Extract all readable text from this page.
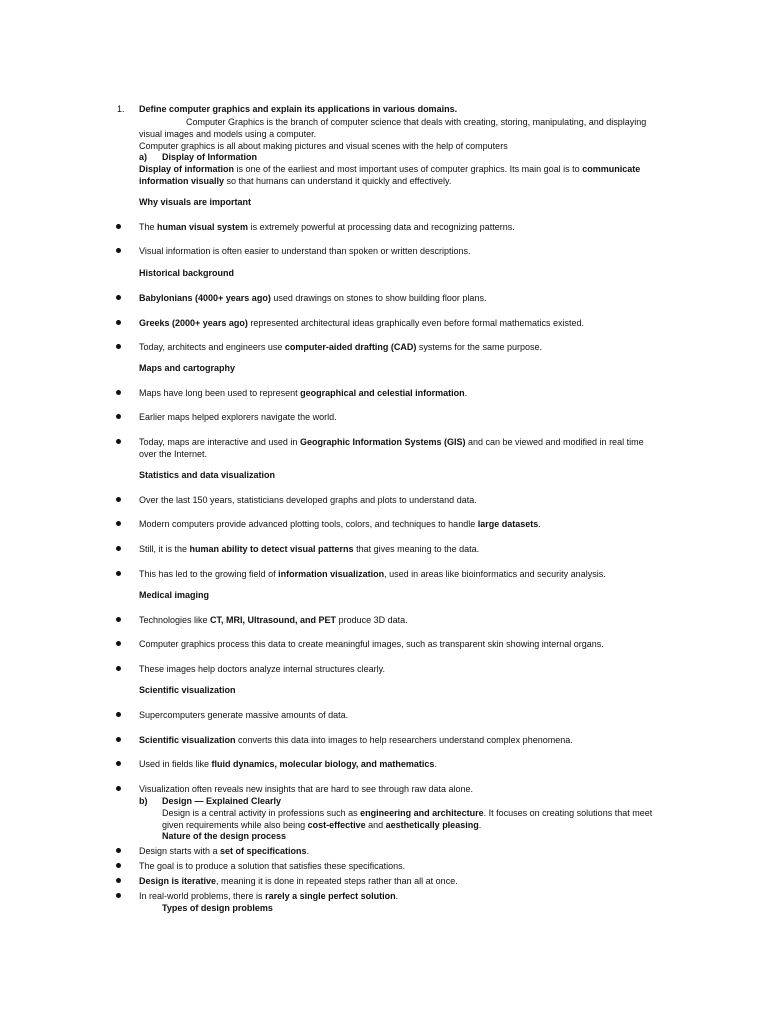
1. Define computer graphics and explain its applications in various domains.
Computer Graphics is the branch of computer science that deals with creating, storing, manipulating, and displaying
visual images and models using a computer.
Computer graphics is all about making pictures and visual scenes with the help of computers
a) Display of Information
Display of information is one of the earliest and most important uses of computer graphics. Its main goal is to communicate
information visually so that humans can understand it quickly and effectively.
Why visuals are important
The human visual system is extremely powerful at processing data and recognizing patterns.
Visual information is often easier to understand than spoken or written descriptions.
Historical background
Babylonians (4000+ years ago) used drawings on stones to show building floor plans.
Greeks (2000+ years ago) represented architectural ideas graphically even before formal mathematics existed.
Today, architects and engineers use computer-aided drafting (CAD) systems for the same purpose.
Maps and cartography
Maps have long been used to represent geographical and celestial information.
Earlier maps helped explorers navigate the world.
Today, maps are interactive and used in Geographic Information Systems (GIS) and can be viewed and modified in real time
over the Internet.
Statistics and data visualization
Over the last 150 years, statisticians developed graphs and plots to understand data.
Modern computers provide advanced plotting tools, colors, and techniques to handle large datasets.
Still, it is the human ability to detect visual patterns that gives meaning to the data.
This has led to the growing field of information visualization, used in areas like bioinformatics and security analysis.
Medical imaging
Technologies like CT, MRI, Ultrasound, and PET produce 3D data.
Computer graphics process this data to create meaningful images, such as transparent skin showing internal organs.
These images help doctors analyze internal structures clearly.
Scientific visualization
Supercomputers generate massive amounts of data.
Scientific visualization converts this data into images to help researchers understand complex phenomena.
Used in fields like fluid dynamics, molecular biology, and mathematics.
Visualization often reveals new insights that are hard to see through raw data alone.
b) Design — Explained Clearly
Design is a central activity in professions such as engineering and architecture. It focuses on creating solutions that meet
given requirements while also being cost-effective and aesthetically pleasing.
Nature of the design process
Design starts with a set of specifications.
The goal is to produce a solution that satisfies these specifications.
Design is iterative, meaning it is done in repeated steps rather than all at once.
In real-world problems, there is rarely a single perfect solution.
Types of design problems
